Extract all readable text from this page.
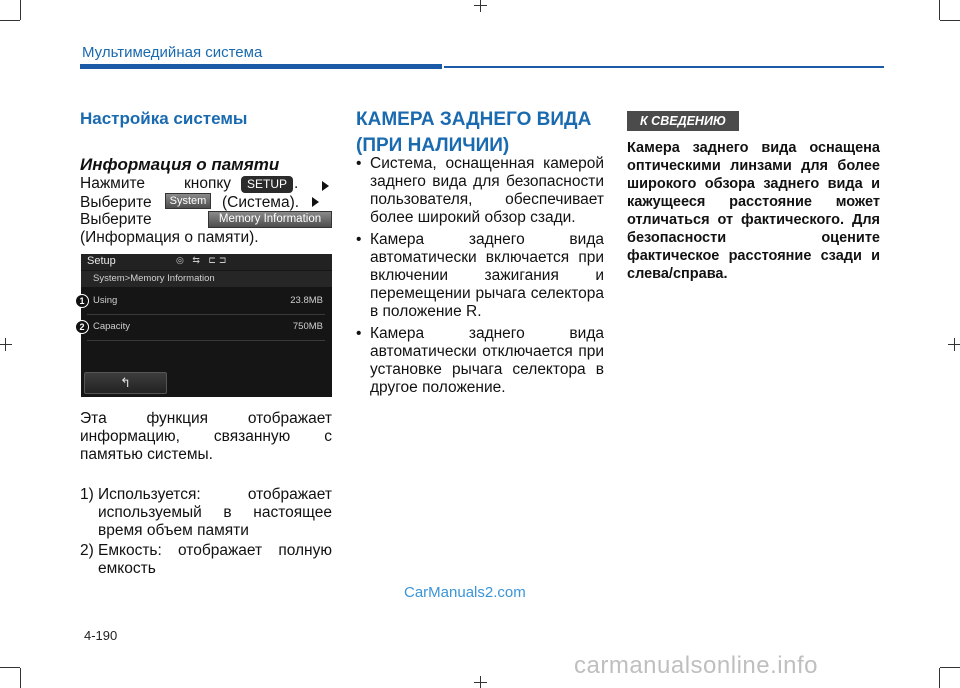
Мультимедийная система
Настройка системы
Информация о памяти
Нажмите	кнопку	SETUP .
Выберите	System	(Система).
Выберите	Memory Information
(Информация о памяти).
Setup	◎ ⇆ ⊏⊐
System>Memory Information
Using	23.8MB
Capacity	750MB
↰
1
2
Эта функция отображает
информацию, связанную с памятью системы.
1) Используется: отображает
используемый в настоящее время объем памяти
2) Емкость: отображает полную
емкость
КАМЕРА ЗАДНЕГО ВИДА
(ПРИ НАЛИЧИИ)
• Система, оснащенная камерой заднего вида для безопасности пользователя, обеспечивает более широкий обзор сзади.
• Камера заднего вида автоматически включается при включении зажигания и перемещении рычага селектора в положение R.
• Камера заднего вида автоматически отключается при установке рычага селектора в другое положение.
К СВЕДЕНИЮ
Камера заднего вида оснащена оптическими линзами для более широкого обзора заднего вида и кажущееся расстояние может отличаться от фактического. Для безопасности оцените фактическое расстояние сзади и слева/справа.
CarManuals2.com
4-190
carmanualsonline.info
